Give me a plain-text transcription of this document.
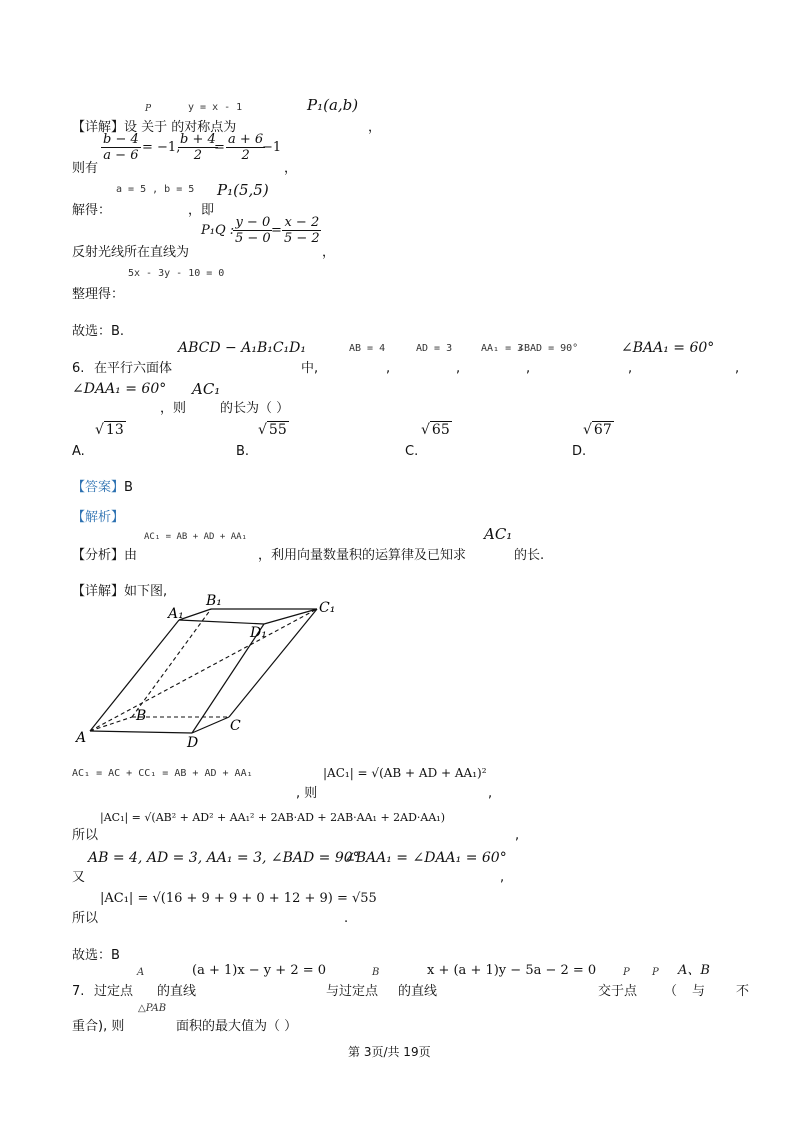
P	y = x - 1	P₁(a,b)
【详解】 设 关于 的对称点为	，
$\frac{b - 4}{a - 6} = -1$,
$\frac{b + 4}{2}$
= $\frac{a + 6}{2}$
−1
则有	，
a = 5 , b = 5 P₁(5,5)
解得：	，即
P₁Q :
$\frac{y - 0}{5 - 0}$
= $\frac{x - 2}{5 - 2}$
反射光线所在直线为	，
5x - 3y - 10 = 0
整理得：
故选：B.
ABCD − A₁B₁C₁D₁	AB = 4	AD = 3	AA₁ = 3
∠BAD = 90°	∠BAA₁ = 60°
6. 在平行六面体	中,	,	,	,	,	,
∠DAA₁ = 60° AC₁
，则	的长为（ ）
√ 13	√ 55	√ 65	√ 67
A.	B.	C.	D.
【答案】 B
【解析】
AC₁ = AB + AD + AA₁	AC₁
【分析】 由	，利用向量数量积的运算律及已知求	的长.
【详解】 如下图,
A₁
B₁	C₁
D₁
A
B
C
D
AC₁ = AC + CC₁ = AB + AD + AA₁	|AC₁| = √(AB + AD + AA₁)²
, 则	,
|AC₁| = √(AB² + AD² + AA₁² + 2AB·AD + 2AB·AA₁ + 2AD·AA₁)
所以	,
AB = 4, AD = 3, AA₁ = 3, ∠BAD = 90°
∠BAA₁ = ∠DAA₁ = 60°
又	,
|AC₁| = √(16 + 9 + 9 + 0 + 12 + 9) = √55
所以	.
故选：B
A	(a + 1)x − y + 2 = 0	B	x + (a + 1)y − 5a − 2 = 0	P P A、B
7. 过定点 的直线	与过定点 的直线	交于点 （ 与 不
△PAB
重合), 则	面积的最大值为（ ）
第 3页/共 19页
